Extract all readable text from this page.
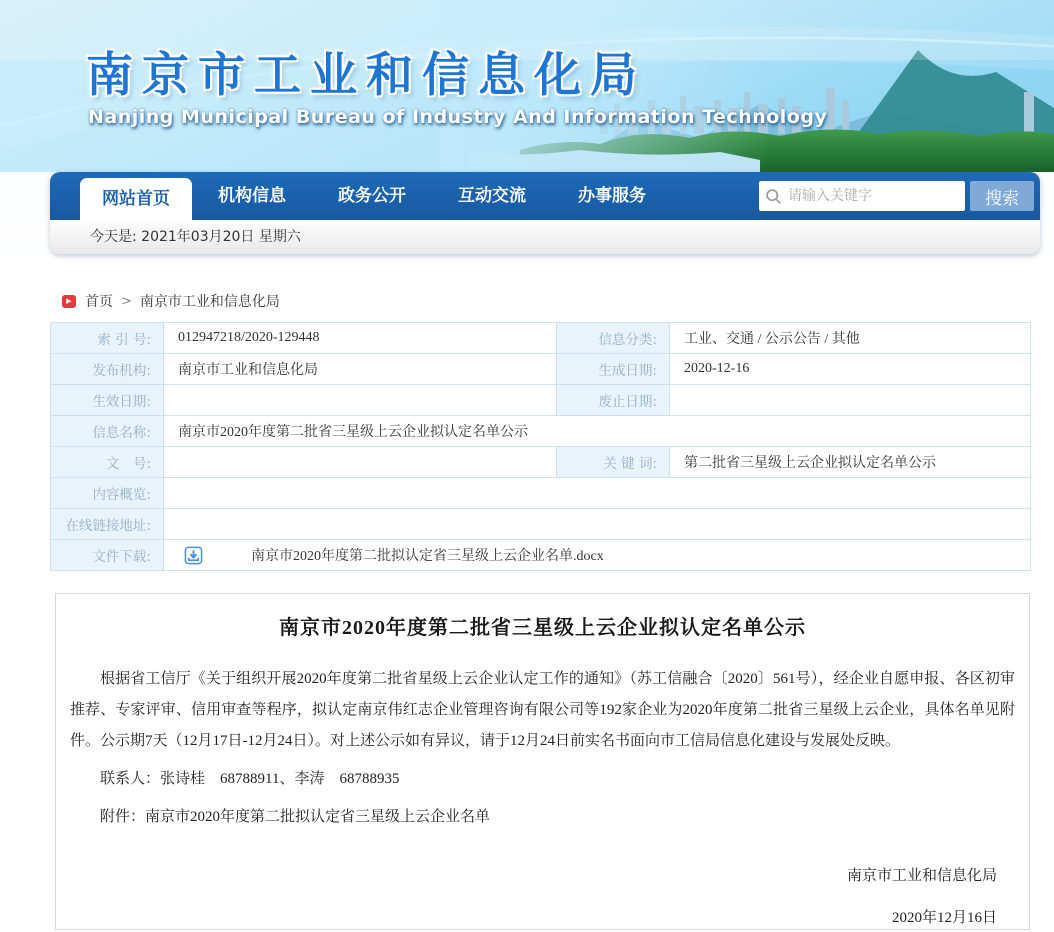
南京市工业和信息化局
Nanjing Municipal Bureau of Industry And Information Technology
网站首页	机构信息	政务公开	互动交流	办事服务
请输入关键字	搜索
今天是: 2021年03月20日 星期六
▶ 首页 > 南京市工业和信息化局
索 引 号:	012947218/2020-129448	信息分类:	工业、交通 / 公示公告 / 其他
发布机构:	南京市工业和信息化局	生成日期:	2020-12-16
生效日期:		废止日期:	
信息名称:	南京市2020年度第二批省三星级上云企业拟认定名单公示		
文　号:		关 键 词:	第二批省三星级上云企业拟认定名单公示
内容概览:			
在线链接地址:			
文件下载:	南京市2020年度第二批拟认定省三星级上云企业名单.docx		
南京市2020年度第二批省三星级上云企业拟认定名单公示
根据省工信厅《关于组织开展2020年度第二批省星级上云企业认定工作的通知》（苏工信融合〔2020〕561号），经企业自愿申报、各区初审推荐、专家评审、信用审查等程序，拟认定南京伟红志企业管理咨询有限公司等192家企业为2020年度第二批省三星级上云企业，具体名单见附件。公示期7天（12月17日-12月24日）。对上述公示如有异议，请于12月24日前实名书面向市工信局信息化建设与发展处反映。
联系人：张诗桂　68788911、李涛　68788935
附件：南京市2020年度第二批拟认定省三星级上云企业名单
南京市工业和信息化局
2020年12月16日
